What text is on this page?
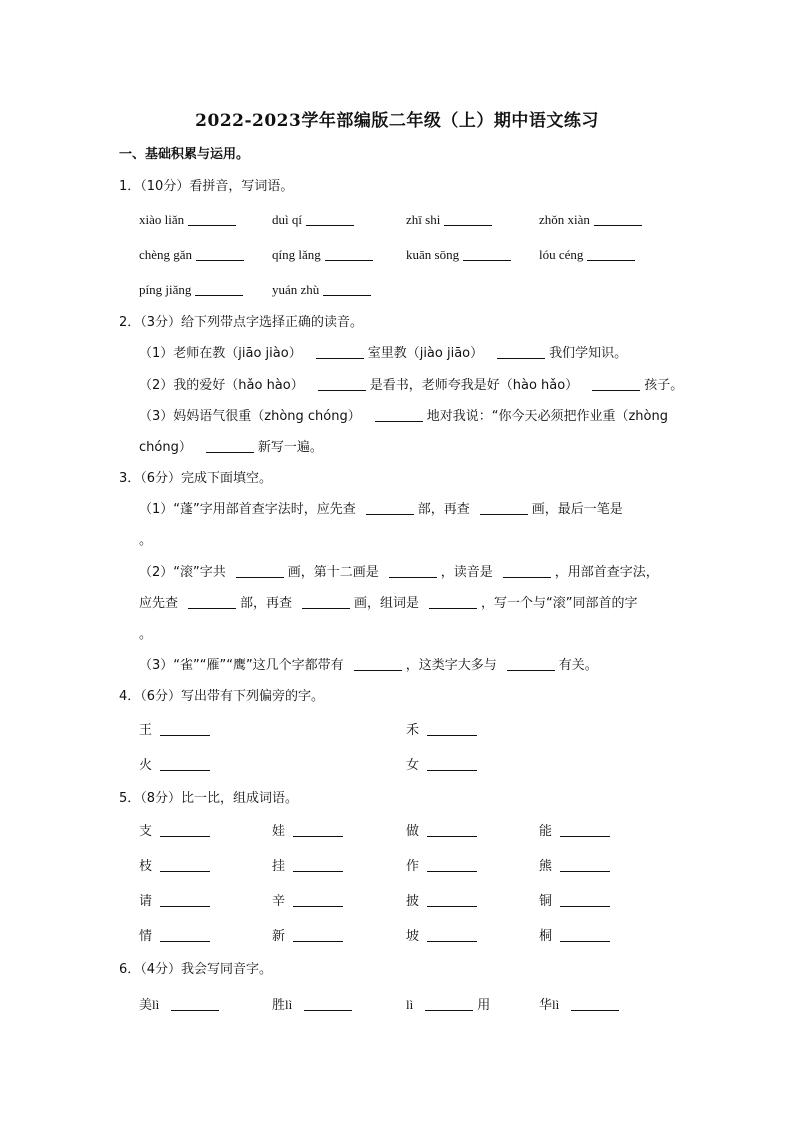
2022-2023学年部编版二年级（上）期中语文练习
一、基础积累与运用。
1．（10分）看拼音，写词语。
xiào liǎn	duì qí	zhī shi	zhǒn xiàn
chèng gǎn	qíng lǎng	kuān sōng	lóu céng
píng jiǎng	yuán zhù
2．（3分）给下列带点字选择正确的读音。
（1）老师在教（jiāo jiào）	室里教（jiào jiāo）	我们学知识。
（2）我的爱好（hǎo hào）	是看书，老师夸我是好（hào hǎo）	孩子。
（3）妈妈语气很重（zhòng chóng）	地对我说：“你今天必须把作业重（zhòng
chóng）	新写一遍。
3．（6分）完成下面填空。
（1）“蓬”字用部首查字法时，应先查	部，再查	画，最后一笔是
。
（2）“滚”字共	画，第十二画是	，读音是	，用部首查字法，
应先查	部，再查	画，组词是	，写一个与“滚”同部首的字
。
（3）“雀”“雁”“鹰”这几个字都带有	，这类字大多与	有关。
4．（6分）写出带有下列偏旁的字。
王	禾
火	女
5．（8分）比一比，组成词语。
支	娃	做	能
枝	挂	作	熊
请	辛	披	铜
情	新	坡	桐
6．（4分）我会写同音字。
美lì	胜lì	lì	用	华lì
